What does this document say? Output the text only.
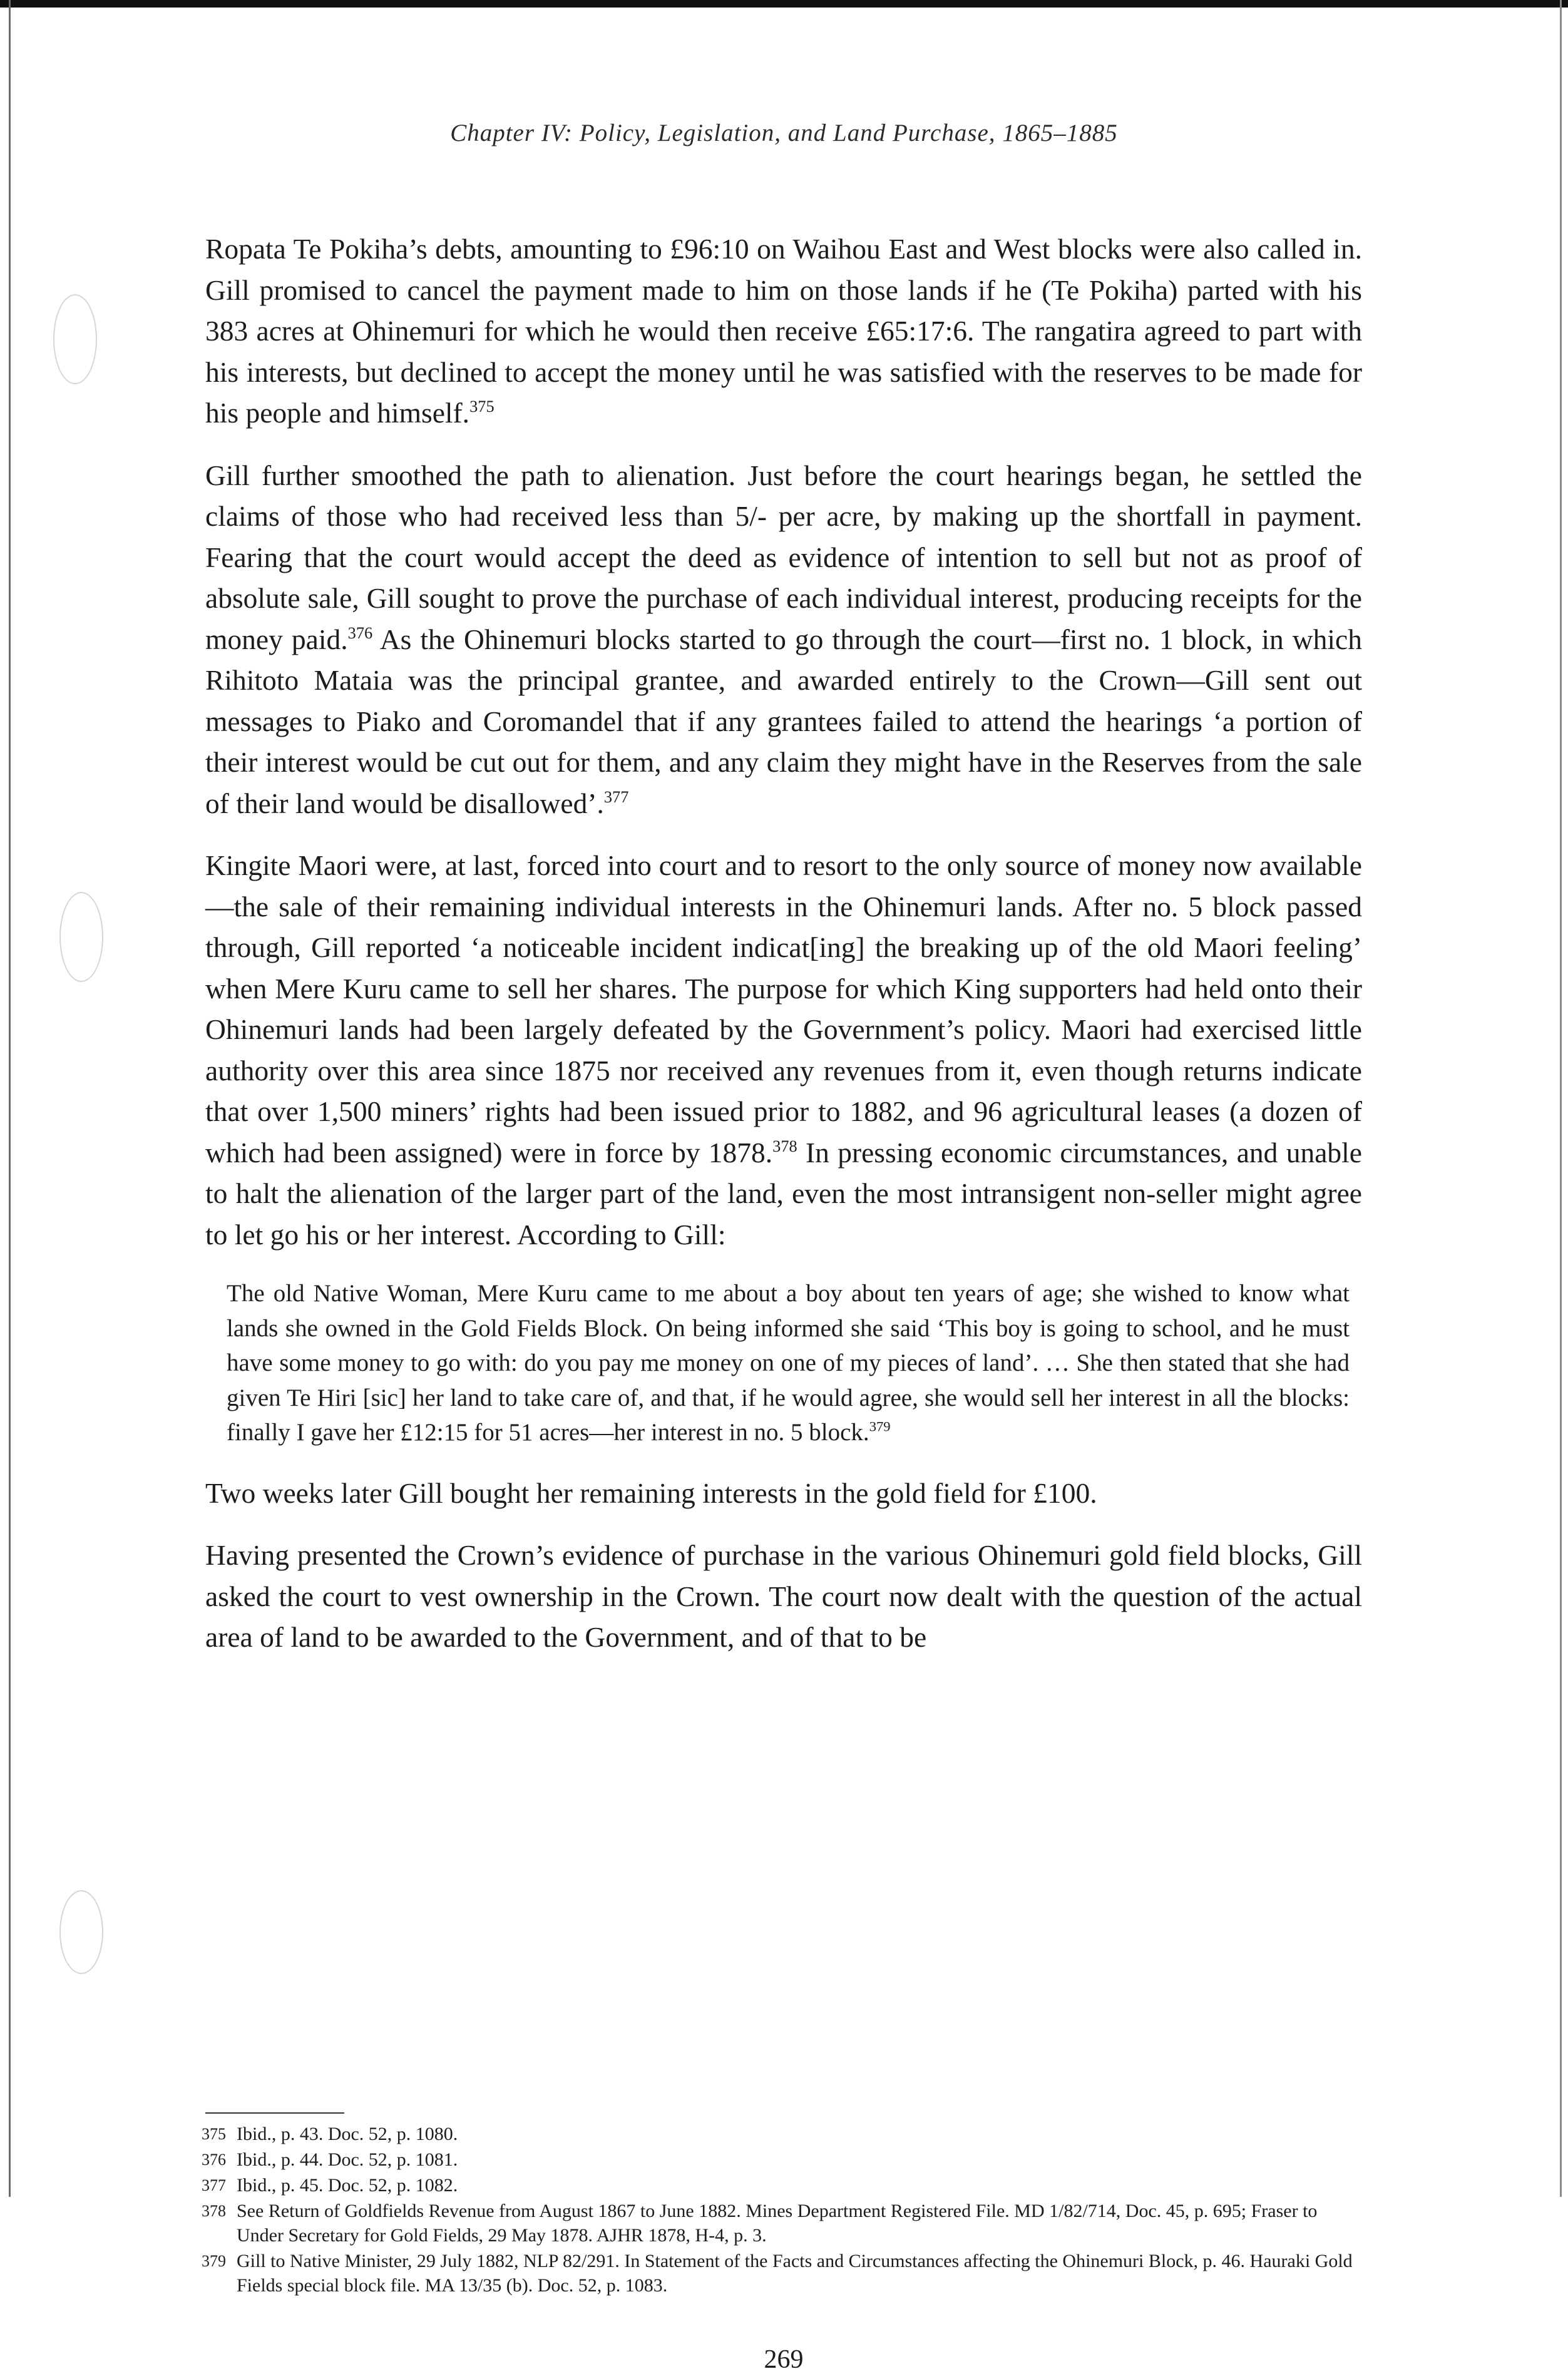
Chapter IV: Policy, Legislation, and Land Purchase, 1865–1885

Ropata Te Pokiha’s debts, amounting to £96:10 on Waihou East and West blocks were also called in. Gill promised to cancel the payment made to him on those lands if he (Te Pokiha) parted with his 383 acres at Ohinemuri for which he would then receive £65:17:6. The rangatira agreed to part with his interests, but declined to accept the money until he was satisfied with the reserves to be made for his people and himself.$^{375}$

Gill further smoothed the path to alienation. Just before the court hearings began, he settled the claims of those who had received less than 5/- per acre, by making up the shortfall in payment. Fearing that the court would accept the deed as evidence of intention to sell but not as proof of absolute sale, Gill sought to prove the purchase of each individual interest, producing receipts for the money paid.$^{376}$ As the Ohinemuri blocks started to go through the court—first no. 1 block, in which Rihitoto Mataia was the principal grantee, and awarded entirely to the Crown—Gill sent out messages to Piako and Coromandel that if any grantees failed to attend the hearings ‘a portion of their interest would be cut out for them, and any claim they might have in the Reserves from the sale of their land would be disallowed’.$^{377}$

Kingite Maori were, at last, forced into court and to resort to the only source of money now available—the sale of their remaining individual interests in the Ohinemuri lands. After no. 5 block passed through, Gill reported ‘a noticeable incident indicat[ing] the breaking up of the old Maori feeling’ when Mere Kuru came to sell her shares. The purpose for which King supporters had held onto their Ohinemuri lands had been largely defeated by the Government’s policy. Maori had exercised little authority over this area since 1875 nor received any revenues from it, even though returns indicate that over 1,500 miners’ rights had been issued prior to 1882, and 96 agricultural leases (a dozen of which had been assigned) were in force by 1878.$^{378}$ In pressing economic circumstances, and unable to halt the alienation of the larger part of the land, even the most intransigent non-seller might agree to let go his or her interest. According to Gill:

The old Native Woman, Mere Kuru came to me about a boy about ten years of age; she wished to know what lands she owned in the Gold Fields Block. On being informed she said ‘This boy is going to school, and he must have some money to go with: do you pay me money on one of my pieces of land’. … She then stated that she had given Te Hiri [sic] her land to take care of, and that, if he would agree, she would sell her interest in all the blocks: finally I gave her £12:15 for 51 acres—her interest in no. 5 block.$^{379}$

Two weeks later Gill bought her remaining interests in the gold field for £100.

Having presented the Crown’s evidence of purchase in the various Ohinemuri gold field blocks, Gill asked the court to vest ownership in the Crown. The court now dealt with the question of the actual area of land to be awarded to the Government, and of that to be

375 Ibid., p. 43. Doc. 52, p. 1080.
376 Ibid., p. 44. Doc. 52, p. 1081.
377 Ibid., p. 45. Doc. 52, p. 1082.
378 See Return of Goldfields Revenue from August 1867 to June 1882. Mines Department Registered File. MD 1/82/714, Doc. 45, p. 695; Fraser to Under Secretary for Gold Fields, 29 May 1878. AJHR 1878, H-4, p. 3.
379 Gill to Native Minister, 29 July 1882, NLP 82/291. In Statement of the Facts and Circumstances affecting the Ohinemuri Block, p. 46. Hauraki Gold Fields special block file. MA 13/35 (b). Doc. 52, p. 1083.
269
